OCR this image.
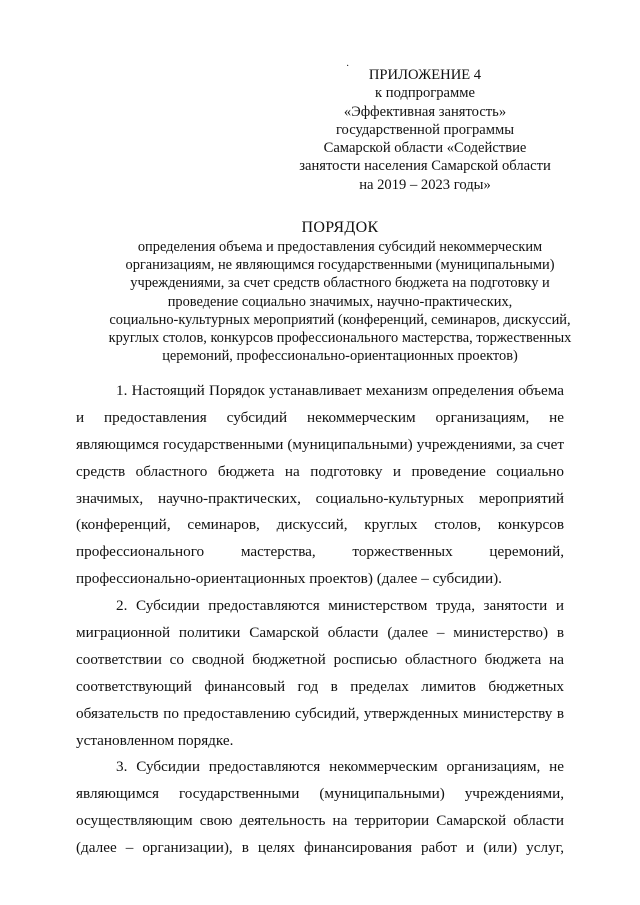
·
ПРИЛОЖЕНИЕ 4
к подпрограмме
«Эффективная занятость»
государственной программы
Самарской области «Содействие
занятости населения Самарской области
на 2019 – 2023 годы»
ПОРЯДОК
определения объема и предоставления субсидий некоммерческим
организациям, не являющимся государственными (муниципальными)
учреждениями, за счет средств областного бюджета на подготовку и
проведение социально значимых, научно-практических,
социально-культурных мероприятий (конференций, семинаров, дискуссий,
круглых столов, конкурсов профессионального мастерства, торжественных
церемоний, профессионально-ориентационных проектов)
1. Настоящий Порядок устанавливает механизм определения объема
и предоставления субсидий некоммерческим организациям, не
являющимся государственными (муниципальными) учреждениями, за счет
средств областного бюджета на подготовку и проведение социально
значимых, научно-практических, социально-культурных мероприятий
(конференций, семинаров, дискуссий, круглых столов, конкурсов
профессионального мастерства, торжественных церемоний,
профессионально-ориентационных проектов) (далее – субсидии).
2. Субсидии предоставляются министерством труда, занятости и
миграционной политики Самарской области (далее – министерство) в
соответствии со сводной бюджетной росписью областного бюджета на
соответствующий финансовый год в пределах лимитов бюджетных
обязательств по предоставлению субсидий, утвержденных министерству в
установленном порядке.
3. Субсидии предоставляются некоммерческим организациям, не
являющимся государственными (муниципальными) учреждениями,
осуществляющим свою деятельность на территории Самарской области
(далее – организации), в целях финансирования работ и (или) услуг,
